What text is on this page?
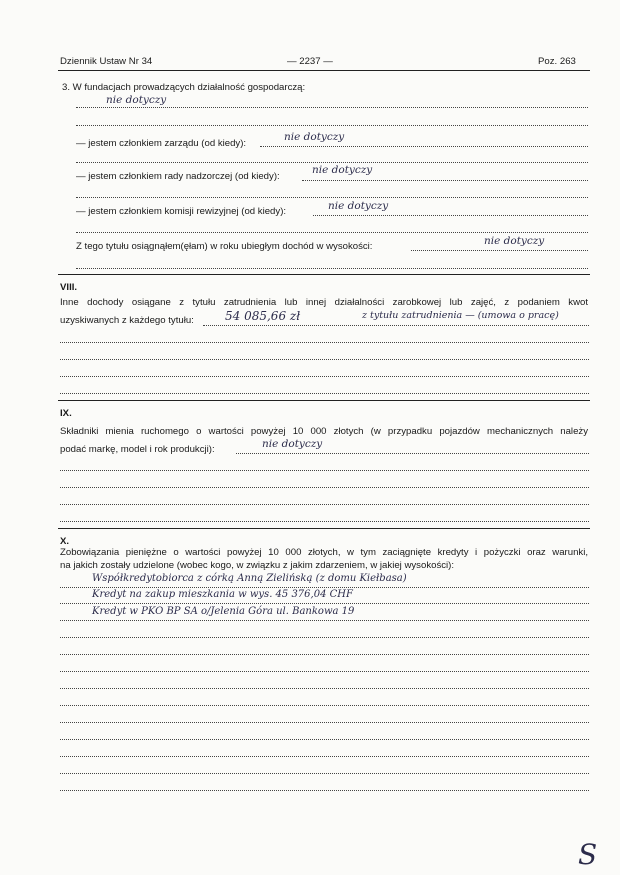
Dziennik Ustaw Nr 34	— 2237 —	Poz. 263
3. W fundacjach prowadzących działalność gospodarczą:
nie dotyczy
— jestem członkiem zarządu (od kiedy):
nie dotyczy
— jestem członkiem rady nadzorczej (od kiedy):
nie dotyczy
— jestem członkiem komisji rewizyjnej (od kiedy):	nie dotyczy
Z tego tytułu osiągnąłem(ęłam) w roku ubiegłym dochód w wysokości:	nie dotyczy
VIII.
Inne dochody osiągane z tytułu zatrudnienia lub innej działalności zarobkowej lub zajęć, z podaniem kwot
uzyskiwanych z każdego tytułu:	54 085,66 zł	z tytułu zatrudnienia — (umowa o pracę)
IX.
Składniki mienia ruchomego o wartości powyżej 10 000 złotych (w przypadku pojazdów mechanicznych należy
podać markę, model i rok produkcji):	nie dotyczy
X.
Zobowiązania pieniężne o wartości powyżej 10 000 złotych, w tym zaciągnięte kredyty i pożyczki oraz warunki,
na jakich zostały udzielone (wobec kogo, w związku z jakim zdarzeniem, w jakiej wysokości):
Współkredytobiorca z córką Anną Zielińską (z domu Kiełbasa)
Kredyt na zakup mieszkania w wys. 45 376,04 CHF
Kredyt w PKO BP SA o/Jelenia Góra ul. Bankowa 19
S
